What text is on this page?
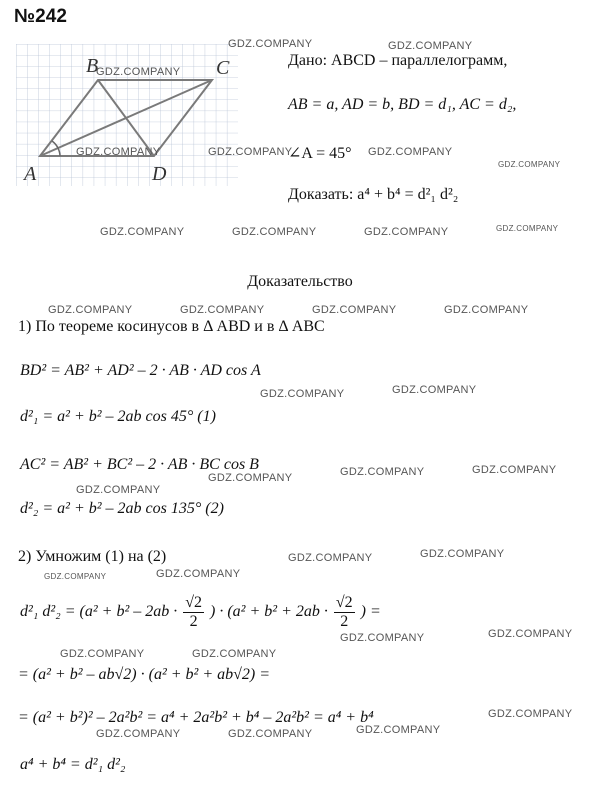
№242
A
B	C
D
Дано: ABCD – параллелограмм,
AB = a, AD = b, BD = d₁, AC = d₂,
∠A = 45°
Доказать: a⁴ + b⁴ = d²₁ d²₂
Доказательство
1) По теореме косинусов в Δ ABD и в Δ ABC
BD² = AB² + AD² – 2 · AB · AD cos A
d²₁ = a² + b² – 2ab cos 45° (1)
AC² = AB² + BC² – 2 · AB · BC cos B
d²₂ = a² + b² – 2ab cos 135° (2)
2) Умножим (1) на (2)
d²₁ $d^2_2 = (a^2 + b^2 - 2ab \cdot \frac{√2}{2}$ ) · ($a^2 + b^2 + 2ab \cdot \frac{√2}{2}$ ) =
= (a² + b² – ab√2) · (a² + b² + ab√2) =
= (a² + b²)² – 2a²b² = a⁴ + 2a²b² + b⁴ – 2a²b² = a⁴ + b⁴
a⁴ + b⁴ = d²₁ d²₂
GDZ.COMPANY	GDZ.COMPANY
GDZ.COMPANY
GDZ.COMPANY	GDZ.COMPANY	GDZ.COMPANY
GDZ.COMPANY
GDZ.COMPANY	GDZ.COMPANY	GDZ.COMPANY	GDZ.COMPANY
GDZ.COMPANY	GDZ.COMPANY	GDZ.COMPANY	GDZ.COMPANY
GDZ.COMPANY	GDZ.COMPANY
GDZ.COMPANY	GDZ.COMPANY
GDZ.COMPANY
GDZ.COMPANY
GDZ.COMPANY	GDZ.COMPANY
GDZ.COMPANY	GDZ.COMPANY
GDZ.COMPANY	GDZ.COMPANY
GDZ.COMPANY	GDZ.COMPANY
GDZ.COMPANY
GDZ.COMPANY	GDZ.COMPANY	GDZ.COMPANY
